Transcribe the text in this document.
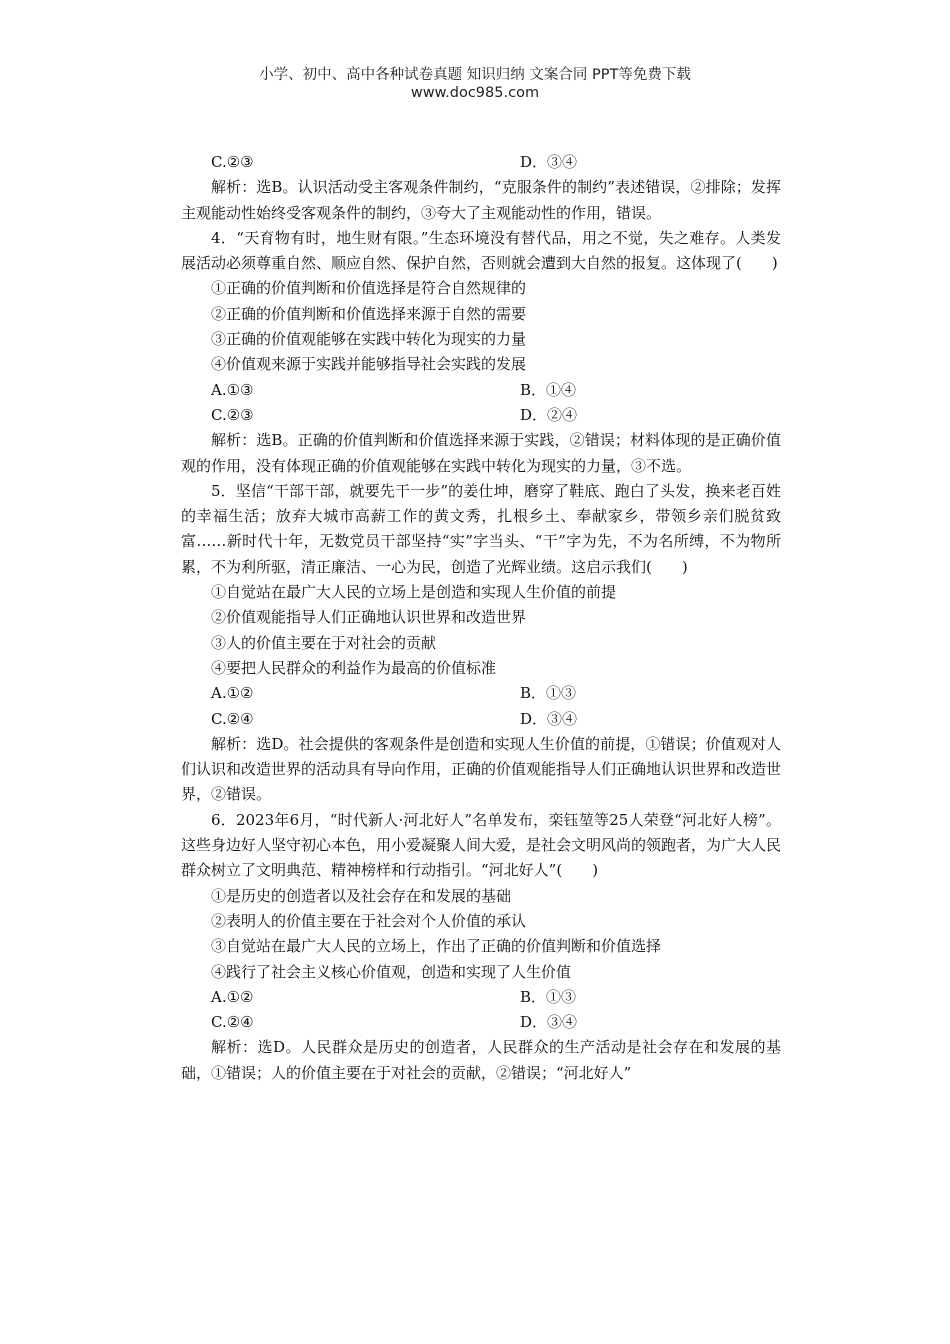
小学、初中、高中各种试卷真题 知识归纳 文案合同 PPT等免费下载
www.doc985.com
C.②③	D．③④
解析：选B。认识活动受主客观条件制约，“克服条件的制约”表述错误，②排除；发挥主观能动性始终受客观条件的制约，③夸大了主观能动性的作用，错误。
4．“天育物有时，地生财有限。”生态环境没有替代品，用之不觉，失之难存。人类发展活动必须尊重自然、顺应自然、保护自然，否则就会遭到大自然的报复。这体现了(　　)
①正确的价值判断和价值选择是符合自然规律的
②正确的价值判断和价值选择来源于自然的需要
③正确的价值观能够在实践中转化为现实的力量
④价值观来源于实践并能够指导社会实践的发展
A.①③	B．①④
C.②③	D．②④
解析：选B。正确的价值判断和价值选择来源于实践，②错误；材料体现的是正确价值观的作用，没有体现正确的价值观能够在实践中转化为现实的力量，③不选。
5．坚信“干部干部，就要先干一步”的姜仕坤，磨穿了鞋底、跑白了头发，换来老百姓的幸福生活；放弃大城市高薪工作的黄文秀，扎根乡土、奉献家乡，带领乡亲们脱贫致富……新时代十年，无数党员干部坚持“实”字当头、“干”字为先，不为名所缚，不为物所累，不为利所驱，清正廉洁、一心为民，创造了光辉业绩。这启示我们(　　)
①自觉站在最广大人民的立场上是创造和实现人生价值的前提
②价值观能指导人们正确地认识世界和改造世界
③人的价值主要在于对社会的贡献
④要把人民群众的利益作为最高的价值标准
A.①②	B．①③
C.②④	D．③④
解析：选D。社会提供的客观条件是创造和实现人生价值的前提，①错误；价值观对人们认识和改造世界的活动具有导向作用，正确的价值观能指导人们正确地认识世界和改造世界，②错误。
6．2023年6月，“时代新人·河北好人”名单发布，栾钰堃等25人荣登“河北好人榜”。这些身边好人坚守初心本色，用小爱凝聚人间大爱，是社会文明风尚的领跑者，为广大人民群众树立了文明典范、精神榜样和行动指引。“河北好人”(　　)
①是历史的创造者以及社会存在和发展的基础
②表明人的价值主要在于社会对个人价值的承认
③自觉站在最广大人民的立场上，作出了正确的价值判断和价值选择
④践行了社会主义核心价值观，创造和实现了人生价值
A.①②	B．①③
C.②④	D．③④
解析：选D。人民群众是历史的创造者，人民群众的生产活动是社会存在和发展的基础，①错误；人的价值主要在于对社会的贡献，②错误；“河北好人”
